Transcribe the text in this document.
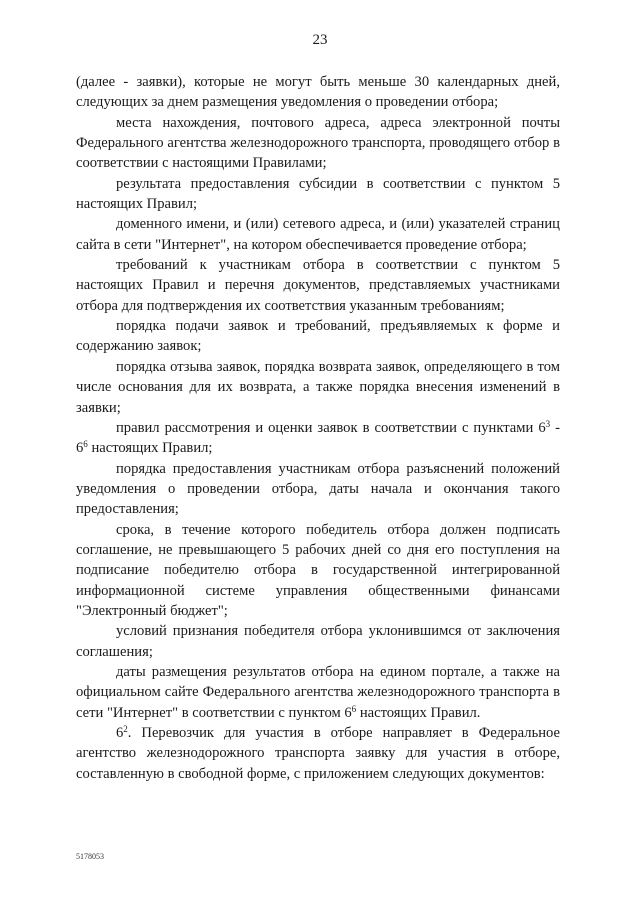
23

(далее - заявки), которые не могут быть меньше 30 календарных дней, следующих за днем размещения уведомления о проведении отбора;

места нахождения, почтового адреса, адреса электронной почты Федерального агентства железнодорожного транспорта, проводящего отбор в соответствии с настоящими Правилами;

результата предоставления субсидии в соответствии с пунктом 5 настоящих Правил;

доменного имени, и (или) сетевого адреса, и (или) указателей страниц сайта в сети "Интернет", на котором обеспечивается проведение отбора;

требований к участникам отбора в соответствии с пунктом 5 настоящих Правил и перечня документов, представляемых участниками отбора для подтверждения их соответствия указанным требованиям;

порядка подачи заявок и требований, предъявляемых к форме и содержанию заявок;

порядка отзыва заявок, порядка возврата заявок, определяющего в том числе основания для их возврата, а также порядка внесения изменений в заявки;

правил рассмотрения и оценки заявок в соответствии с пунктами $6^3 - 6^6$ настоящих Правил;

порядка предоставления участникам отбора разъяснений положений уведомления о проведении отбора, даты начала и окончания такого предоставления;

срока, в течение которого победитель отбора должен подписать соглашение, не превышающего 5 рабочих дней со дня его поступления на подписание победителю отбора в государственной интегрированной информационной системе управления общественными финансами "Электронный бюджет";

условий признания победителя отбора уклонившимся от заключения соглашения;

даты размещения результатов отбора на едином портале, а также на официальном сайте Федерального агентства железнодорожного транспорта в сети "Интернет" в соответствии с пунктом $6^6$ настоящих Правил.

$6^2$. Перевозчик для участия в отборе направляет в Федеральное агентство железнодорожного транспорта заявку для участия в отборе, составленную в свободной форме, с приложением следующих документов:

5178053
